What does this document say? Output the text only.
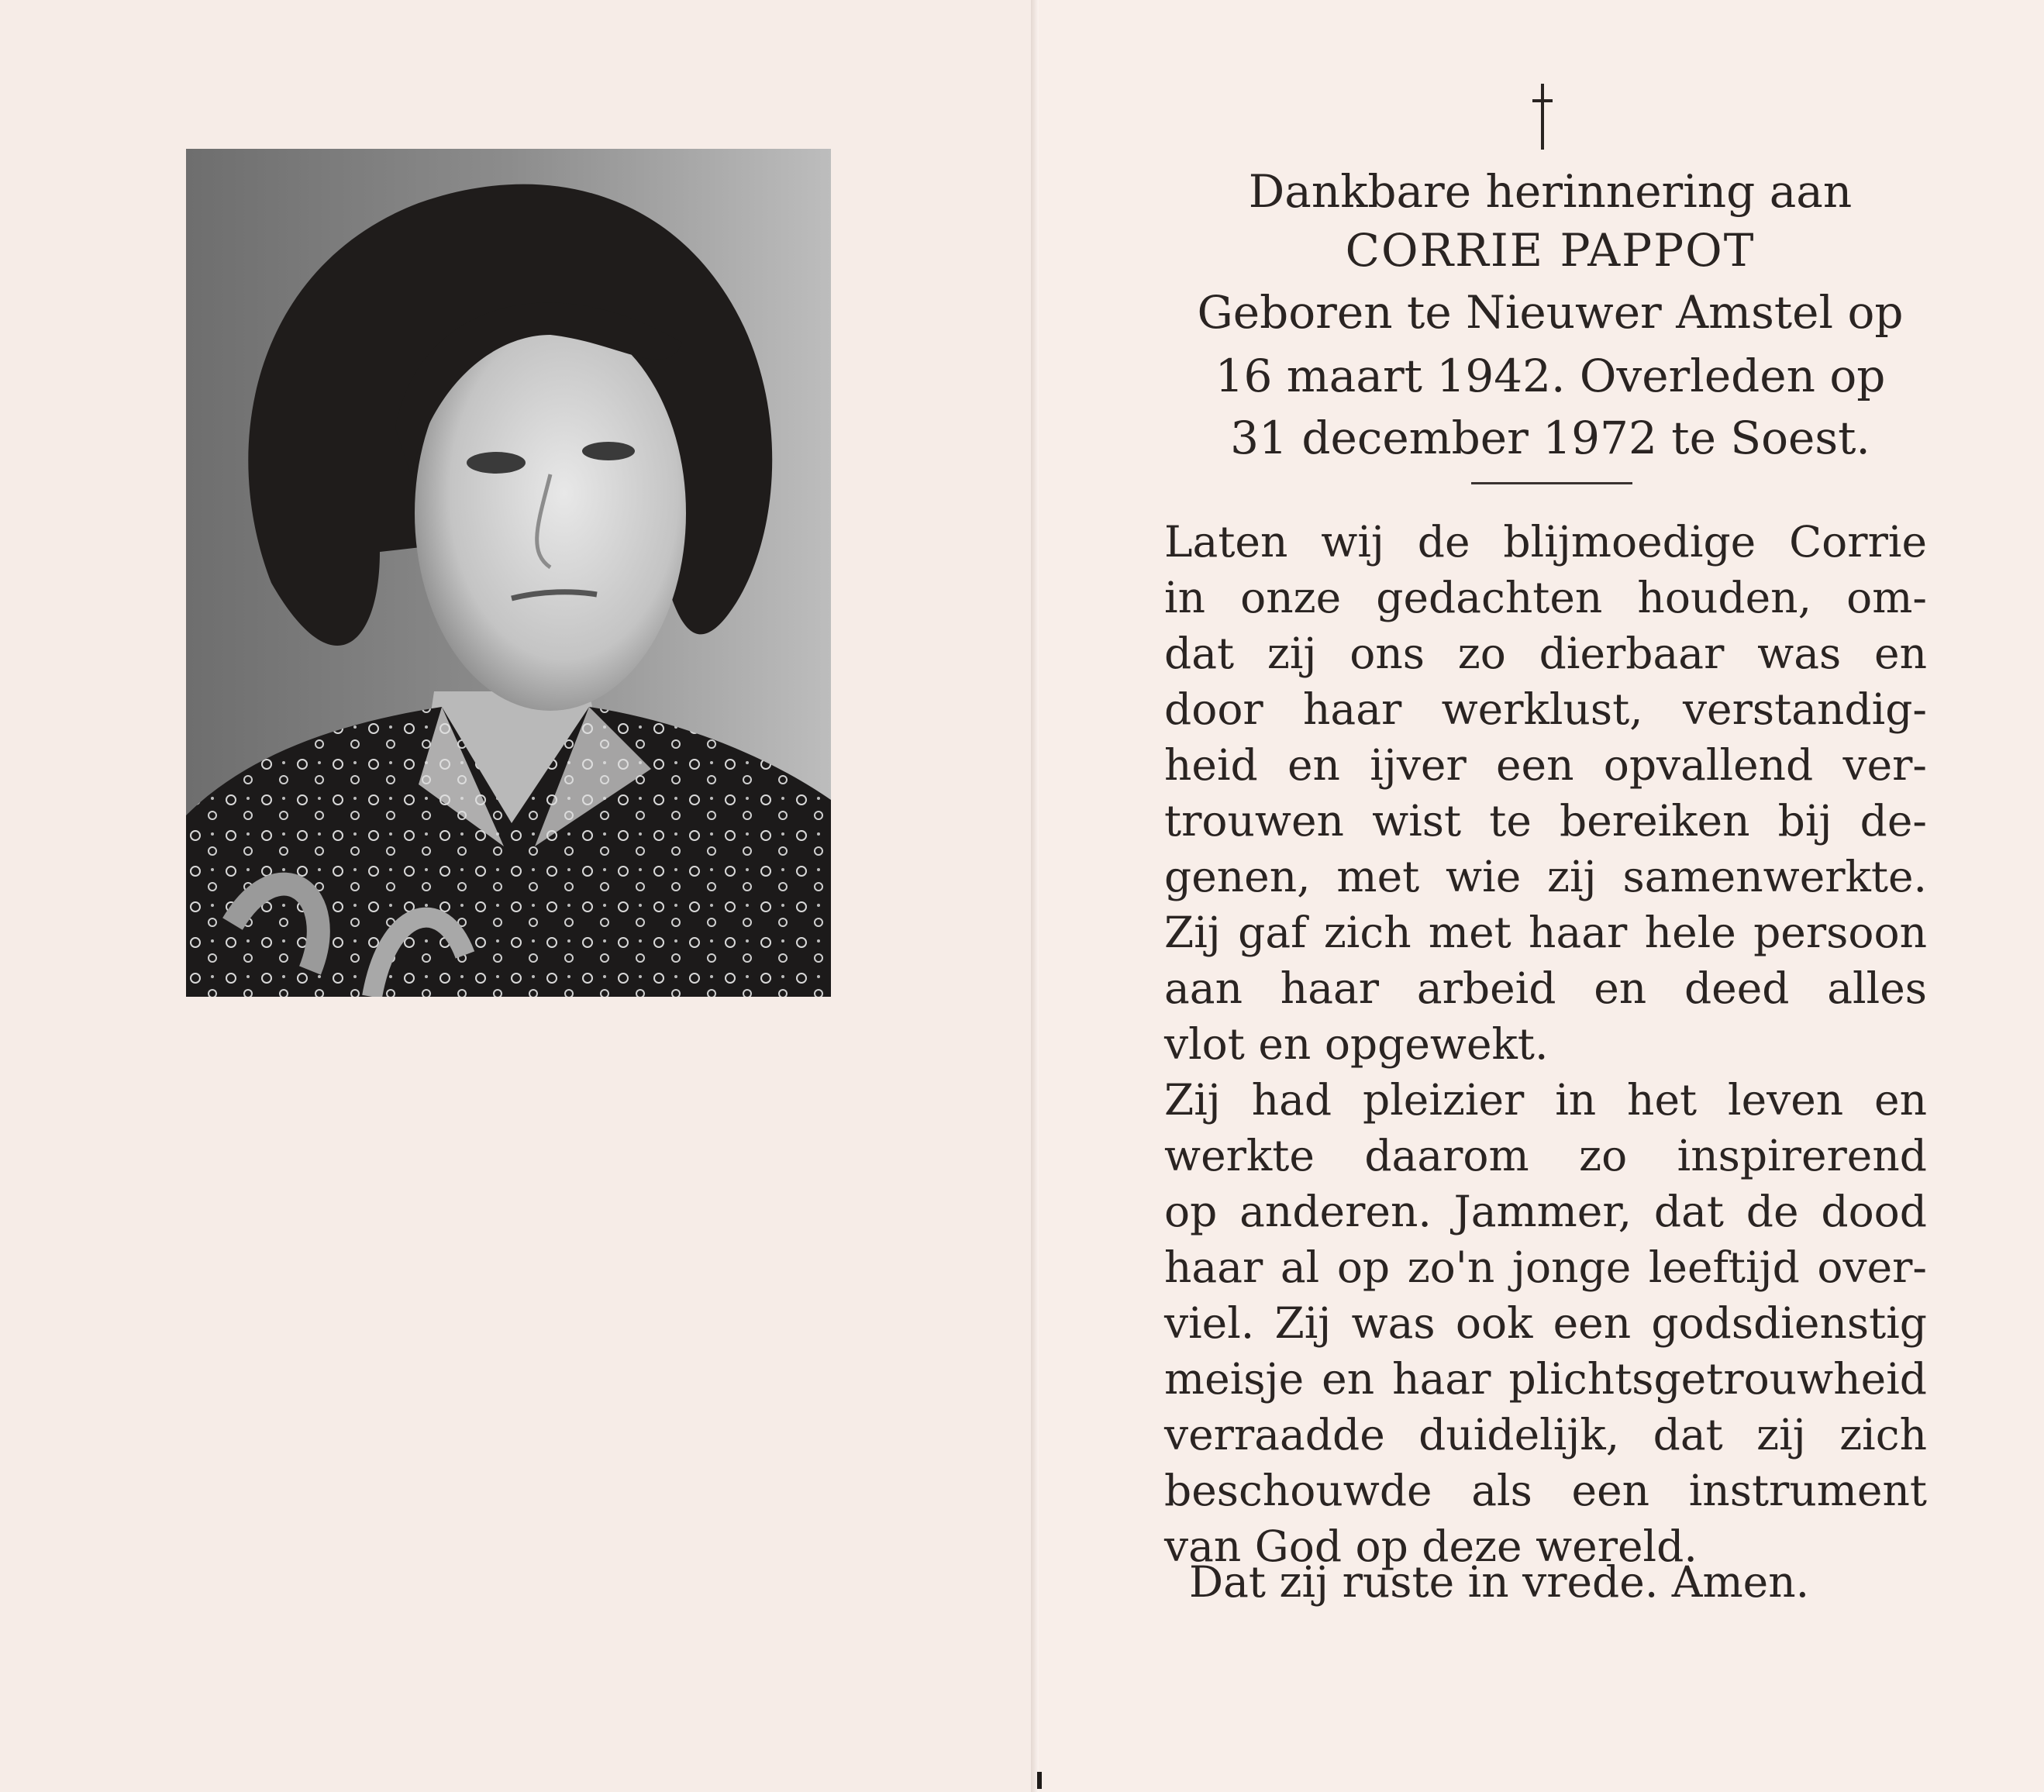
Dankbare herinnering aan
CORRIE PAPPOT
Geboren te Nieuwer Amstel op
16 maart 1942. Overleden op
31 december 1972 te Soest.
Laten wij de blijmoedige Corrie
in onze gedachten houden, om-
dat zij ons zo dierbaar was en
door haar werklust, verstandig-
heid en ijver een opvallend ver-
trouwen wist te bereiken bij de-
genen, met wie zij samenwerkte.
Zij gaf zich met haar hele persoon
aan haar arbeid en deed alles
vlot en opgewekt.
Zij had pleizier in het leven en
werkte daarom zo inspirerend
op anderen. Jammer, dat de dood
haar al op zo'n jonge leeftijd over-
viel. Zij was ook een godsdienstig
meisje en haar plichtsgetrouwheid
verraadde duidelijk, dat zij zich
beschouwde als een instrument
van God op deze wereld.
Dat zij ruste in vrede. Amen.
